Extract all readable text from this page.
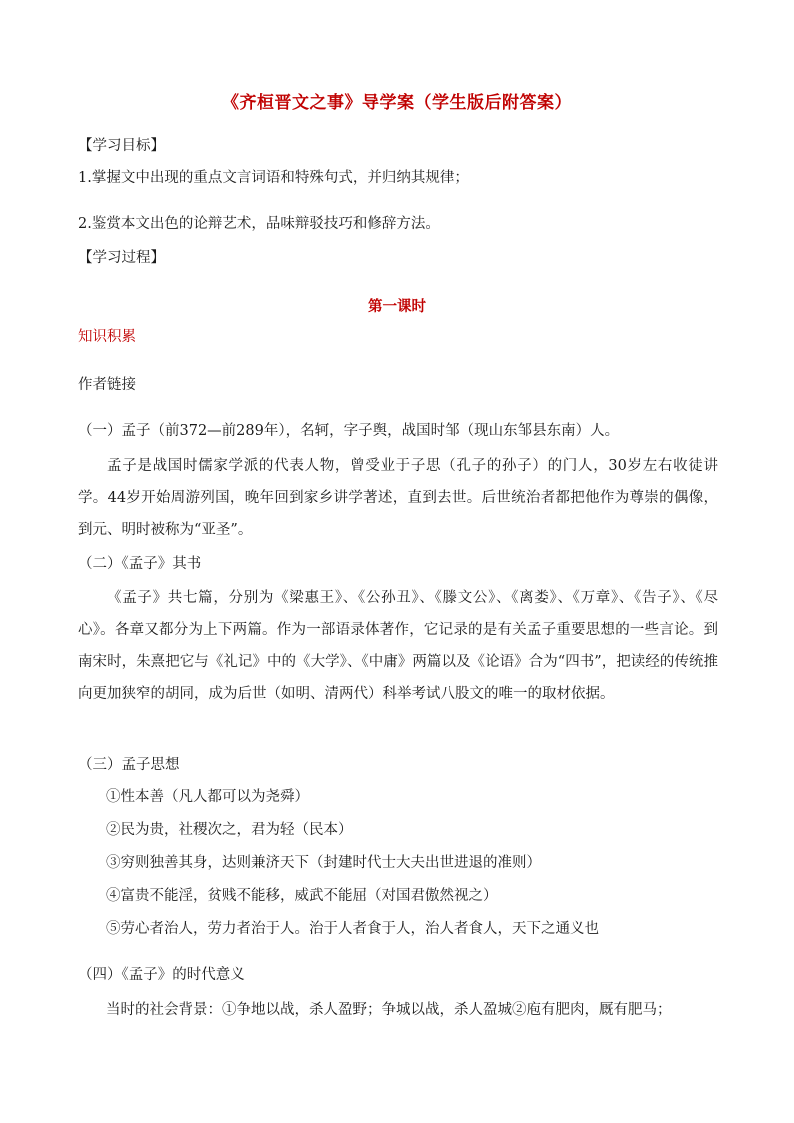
《齐桓晋文之事》导学案（学生版后附答案）
【学习目标】
1.掌握文中出现的重点文言词语和特殊句式，并归纳其规律；
2.鉴赏本文出色的论辩艺术，品味辩驳技巧和修辞方法。
【学习过程】
第一课时
知识积累
作者链接
（一）孟子（前372—前289年），名轲，字子舆，战国时邹（现山东邹县东南）人。
孟子是战国时儒家学派的代表人物，曾受业于子思（孔子的孙子）的门人，30岁左右收徒讲学。44岁开始周游列国，晚年回到家乡讲学著述，直到去世。后世统治者都把他作为尊崇的偶像，到元、明时被称为“亚圣”。
（二）《孟子》其书
《孟子》共七篇，分别为《梁惠王》、《公孙丑》、《滕文公》、《离娄》、《万章》、《告子》、《尽心》。各章又都分为上下两篇。作为一部语录体著作，它记录的是有关孟子重要思想的一些言论。到南宋时，朱熹把它与《礼记》中的《大学》、《中庸》两篇以及《论语》合为“四书”，把读经的传统推向更加狭窄的胡同，成为后世（如明、清两代）科举考试八股文的唯一的取材依据。
（三）孟子思想
①性本善（凡人都可以为尧舜）
②民为贵，社稷次之，君为轻（民本）
③穷则独善其身，达则兼济天下（封建时代士大夫出世进退的准则）
④富贵不能淫，贫贱不能移，威武不能屈（对国君傲然视之）
⑤劳心者治人，劳力者治于人。治于人者食于人，治人者食人，天下之通义也
（四）《孟子》的时代意义
当时的社会背景：①争地以战，杀人盈野；争城以战，杀人盈城②庖有肥肉，厩有肥马；
